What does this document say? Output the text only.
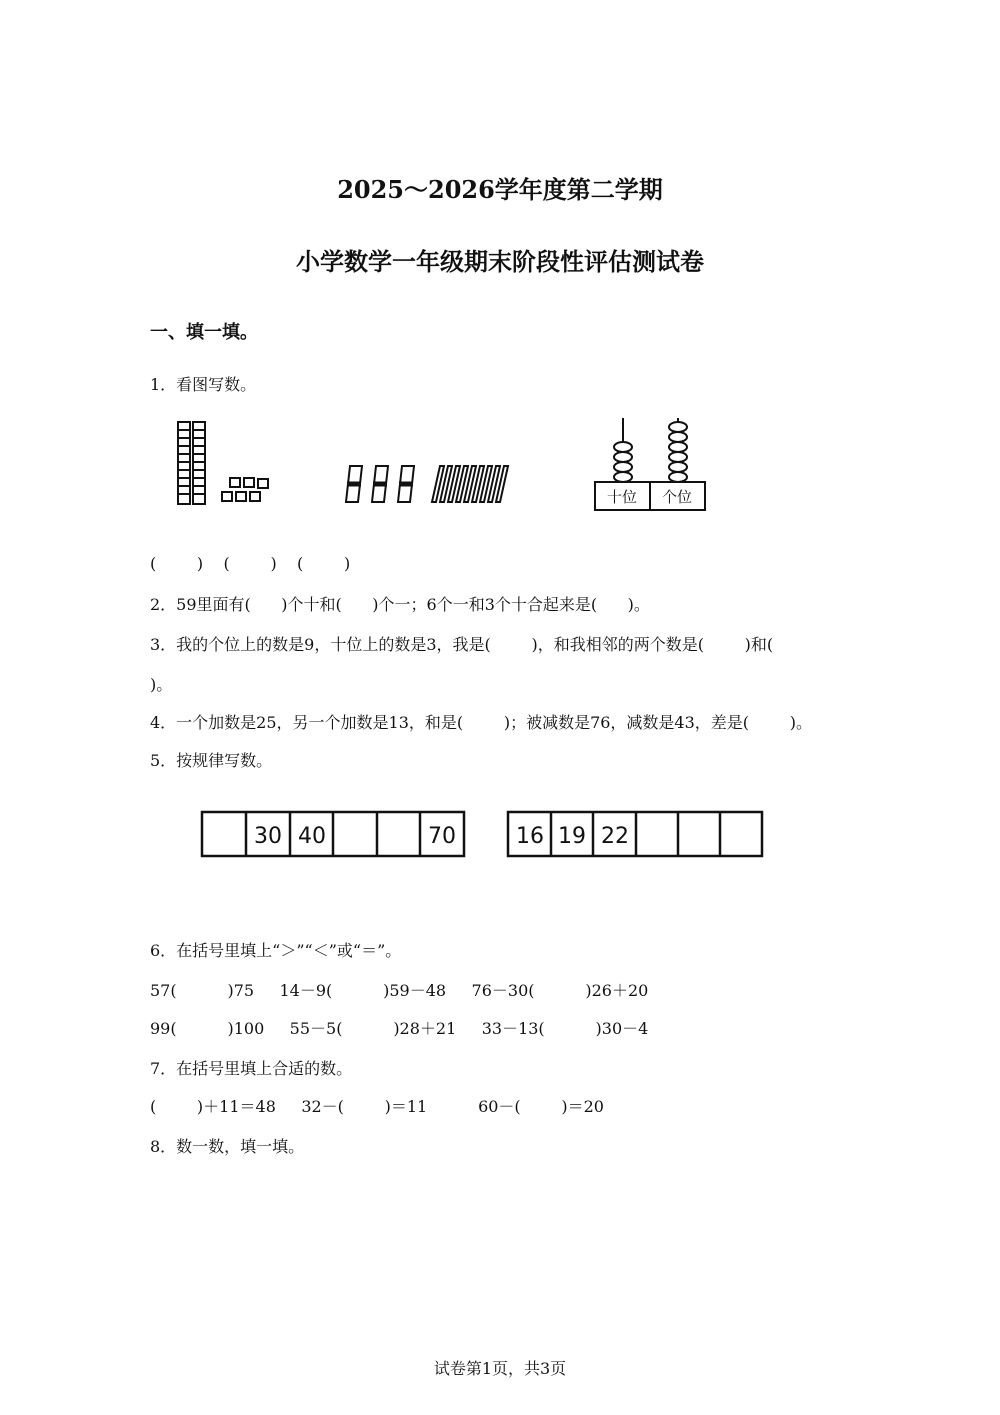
2025～2026学年度第二学期
小学数学一年级期末阶段性评估测试卷
一、填一填。
1．看图写数。
十位 个位
(        )    (        )    (        )
2．59里面有(      )个十和(      )个一；6个一和3个十合起来是(      )。
3．我的个位上的数是9，十位上的数是3，我是(        )，和我相邻的两个数是(        )和(
)。
4．一个加数是25，另一个加数是13，和是(        )；被减数是76，减数是43，差是(        )。
5．按规律写数。
30 40	70	16 19 22
6．在括号里填上“＞”“＜”或“＝”。
57(          )75     14－9(          )59－48     76－30(          )26＋20
99(          )100     55－5(          )28＋21     33－13(          )30－4
7．在括号里填上合适的数。
(        )＋11＝48     32－(        )＝11          60－(        )＝20
8．数一数，填一填。
试卷第1页，共3页
